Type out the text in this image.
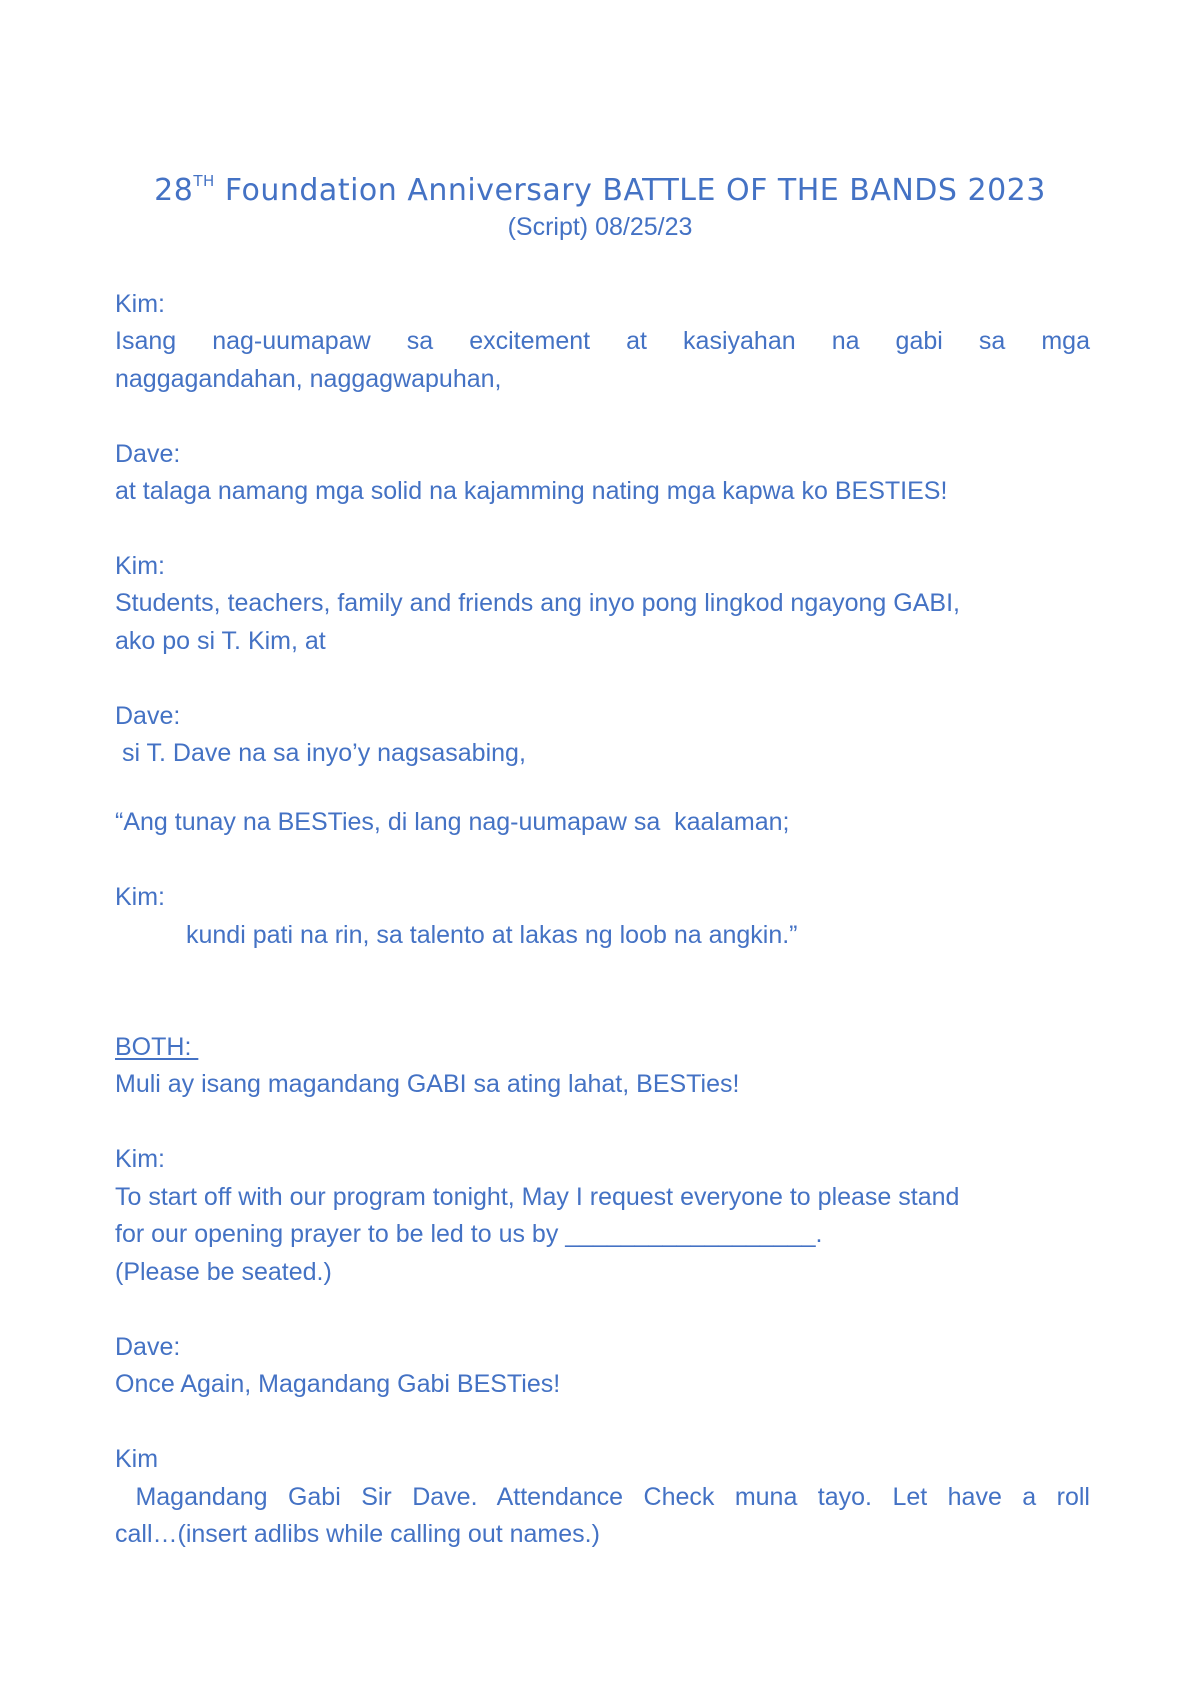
28TH Foundation Anniversary BATTLE OF THE BANDS 2023
(Script) 08/25/23
Kim:
Isang nag-uumapaw sa excitement at kasiyahan na gabi sa mga
naggagandahan, naggagwapuhan,
Dave:
at talaga namang mga solid na kajamming nating mga kapwa ko BESTIES!
Kim:
Students, teachers, family and friends ang inyo pong lingkod ngayong GABI,
ako po si T. Kim, at
Dave:
si T. Dave na sa inyo’y nagsasabing,
“Ang tunay na BESTies, di lang nag-uumapaw sa  kaalaman;
Kim:
kundi pati na rin, sa talento at lakas ng loob na angkin.”
BOTH:
Muli ay isang magandang GABI sa ating lahat, BESTies!
Kim:
To start off with our program tonight, May I request everyone to please stand
for our opening prayer to be led to us by __________________.
(Please be seated.)
Dave:
Once Again, Magandang Gabi BESTies!
Kim
Magandang Gabi Sir Dave. Attendance Check muna tayo. Let have a roll
call…(insert adlibs while calling out names.)
